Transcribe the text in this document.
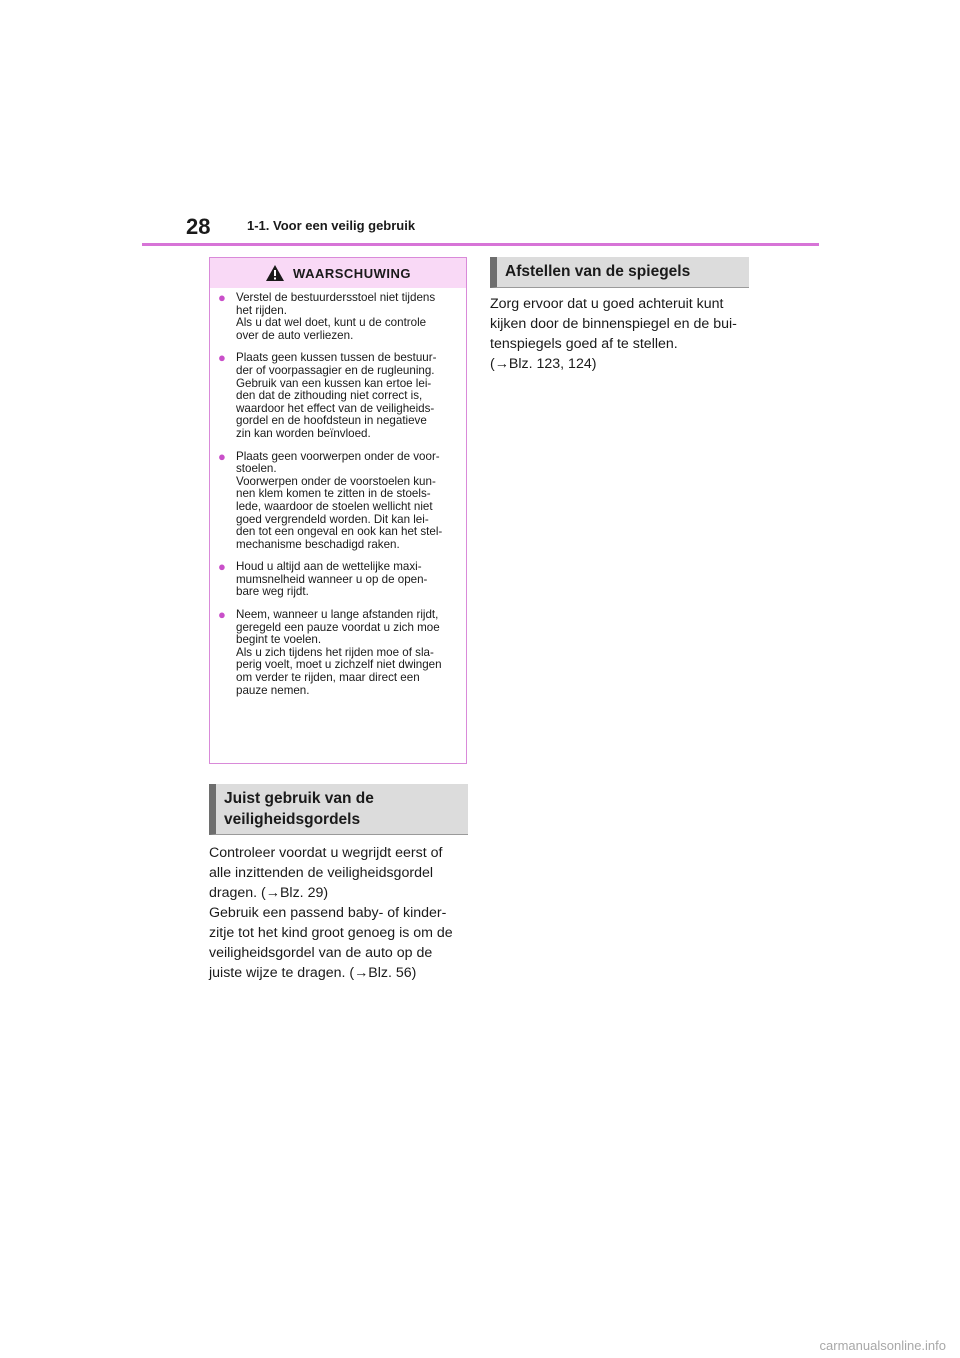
28	1-1. Voor een veilig gebruik
WAARSCHUWING
● Verstel de bestuurdersstoel niet tijdens
het rijden.
Als u dat wel doet, kunt u de controle
over de auto verliezen.
● Plaats geen kussen tussen de bestuur-
der of voorpassagier en de rugleuning.
Gebruik van een kussen kan ertoe lei-
den dat de zithouding niet correct is,
waardoor het effect van de veiligheids-
gordel en de hoofdsteun in negatieve
zin kan worden beïnvloed.
● Plaats geen voorwerpen onder de voor-
stoelen.
Voorwerpen onder de voorstoelen kun-
nen klem komen te zitten in de stoels-
lede, waardoor de stoelen wellicht niet
goed vergrendeld worden. Dit kan lei-
den tot een ongeval en ook kan het stel-
mechanisme beschadigd raken.
● Houd u altijd aan de wettelijke maxi-
mumsnelheid wanneer u op de open-
bare weg rijdt.
● Neem, wanneer u lange afstanden rijdt,
geregeld een pauze voordat u zich moe
begint te voelen.
Als u zich tijdens het rijden moe of sla-
perig voelt, moet u zichzelf niet dwingen
om verder te rijden, maar direct een
pauze nemen.
Juist gebruik van de
veiligheidsgordels
Controleer voordat u wegrijdt eerst of
alle inzittenden de veiligheidsgordel
dragen. (→Blz. 29)
Gebruik een passend baby- of kinder-
zitje tot het kind groot genoeg is om de
veiligheidsgordel van de auto op de
juiste wijze te dragen. (→Blz. 56)
Afstellen van de spiegels
Zorg ervoor dat u goed achteruit kunt
kijken door de binnenspiegel en de bui-
tenspiegels goed af te stellen.
(→Blz. 123, 124)
carmanualsonline.info
